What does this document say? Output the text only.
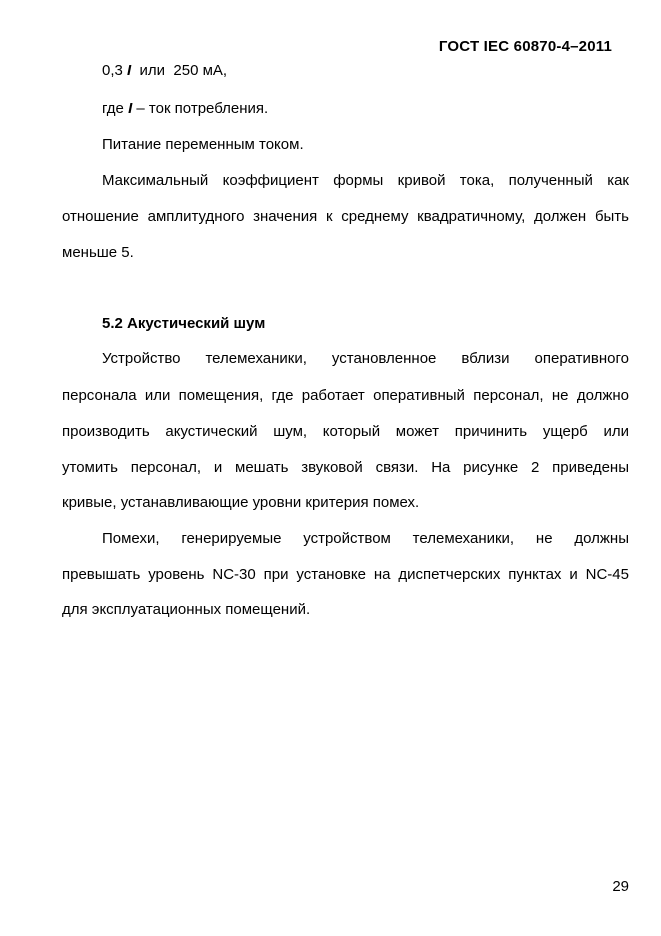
ГОСТ IEC 60870-4–2011
0,3 I  или  250 мА,
где I – ток потребления.
Питание переменным током.
Максимальный коэффициент формы кривой тока, полученный как
отношение амплитудного значения к среднему квадратичному, должен быть
меньше 5.
5.2 Акустический шум
Устройство телемеханики, установленное вблизи оперативного
персонала или помещения, где работает оперативный персонал, не должно
производить акустический шум, который может причинить ущерб или
утомить персонал, и мешать звуковой связи. На рисунке 2 приведены
кривые, устанавливающие уровни критерия помех.
Помехи, генерируемые устройством телемеханики, не должны
превышать уровень NC-30 при установке на диспетчерских пунктах и NC-45
для эксплуатационных помещений.
29
